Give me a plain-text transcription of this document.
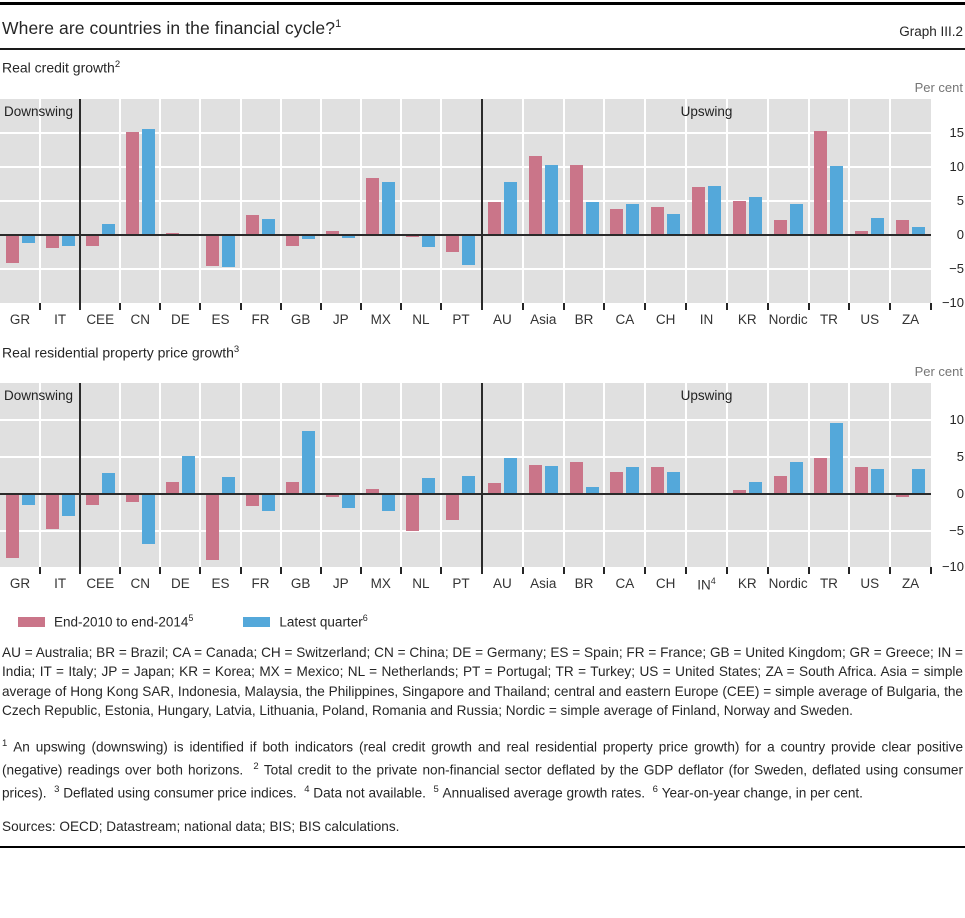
Where are countries in the financial cycle?$^1$	Graph III.2
Real credit growth$^2$
Per cent
Downswing	Upswing
GR	IT	CEE	CN	DE	ES	FR	GB	JP	MX	NL	PT	AU	Asia	BR	CA	CH	IN	KR Nordic TR	US	ZA
15
10
5
0
−5
−10
Real residential property price growth$^3$
Per cent
Downswing	Upswing
GR	IT	CEE	CN	DE	ES	FR	GB	JP	MX	NL	PT	AU	Asia	BR	CA	CH	$IN^4$	KR Nordic TR	US	ZA
10
5
0
−5
−10
End-2010 to end-2014$^5$	Latest quarter$^6$
AU = Australia; BR = Brazil; CA = Canada; CH = Switzerland; CN = China; DE = Germany; ES = Spain; FR = France; GB = United Kingdom; GR = Greece; IN = India; IT = Italy; JP = Japan; KR = Korea; MX = Mexico; NL = Netherlands; PT = Portugal; TR = Turkey; US = United States; ZA = South Africa. Asia = simple average of Hong Kong SAR, Indonesia, Malaysia, the Philippines, Singapore and Thailand; central and eastern Europe (CEE) = simple average of Bulgaria, the Czech Republic, Estonia, Hungary, Latvia, Lithuania, Poland, Romania and Russia; Nordic = simple average of Finland, Norway and Sweden.
$^1$ An upswing (downswing) is identified if both indicators (real credit growth and real residential property price growth) for a country provide clear positive (negative) readings over both horizons.  $^2$ Total credit to the private non-financial sector deflated by the GDP deflator (for Sweden, deflated using consumer prices).  $^3$ Deflated using consumer price indices.  $^4$ Data not available.  $^5$ Annualised average growth rates.  $^6$ Year-on-year change, in per cent.
Sources: OECD; Datastream; national data; BIS; BIS calculations.
